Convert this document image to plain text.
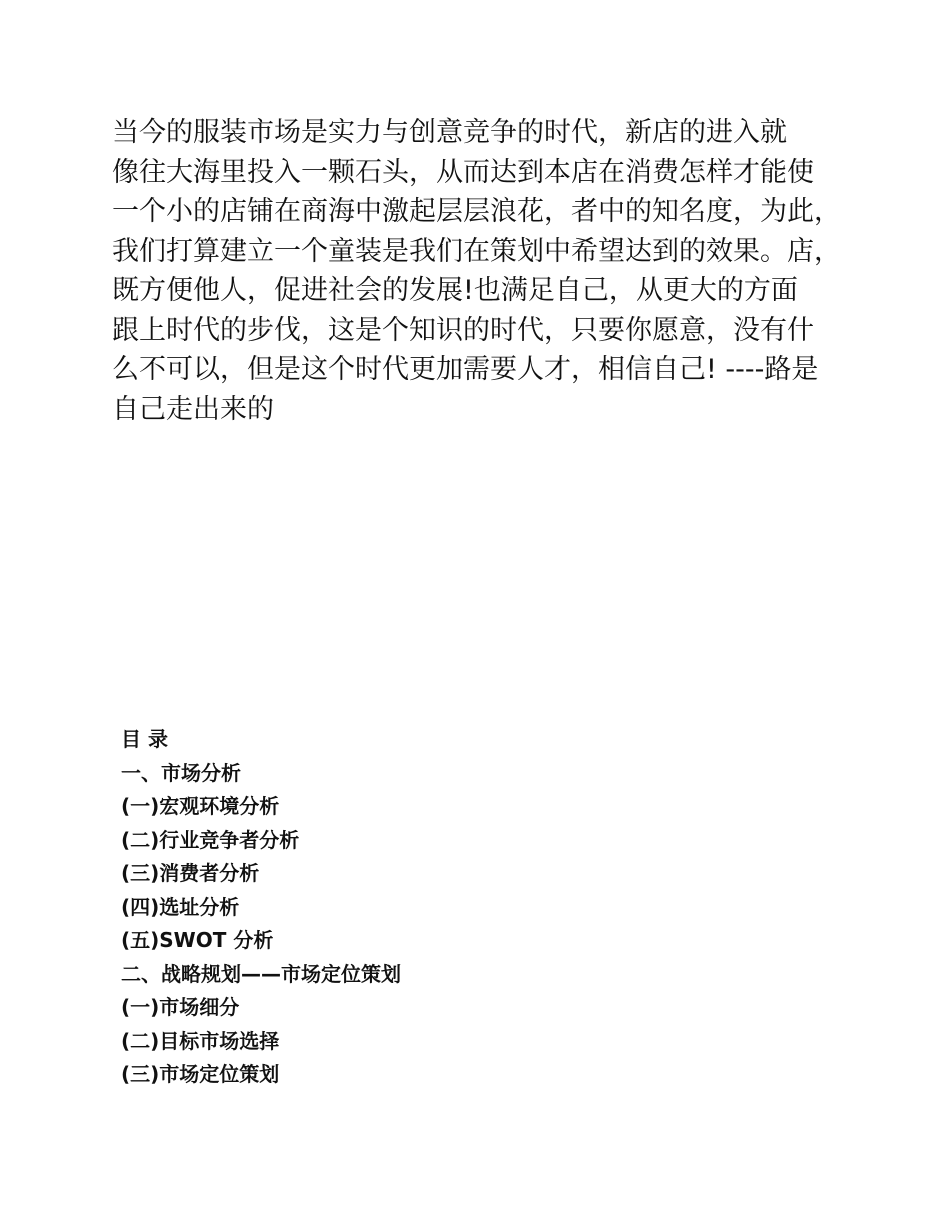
当今的服装市场是实力与创意竞争的时代，新店的进入就
像往大海里投入一颗石头，从而达到本店在消费怎样才能使
一个小的店铺在商海中激起层层浪花，者中的知名度，为此，
我们打算建立一个童装是我们在策划中希望达到的效果。店，
既方便他人，促进社会的发展!也满足自己，从更大的方面
跟上时代的步伐，这是个知识的时代，只要你愿意，没有什
么不可以，但是这个时代更加需要人才，相信自己! ----路是
自己走出来的
目 录
一、市场分析
(一)宏观环境分析
(二)行业竞争者分析
(三)消费者分析
(四)选址分析
(五)SWOT 分析
二、战略规划——市场定位策划
(一)市场细分
(二)目标市场选择
(三)市场定位策划
